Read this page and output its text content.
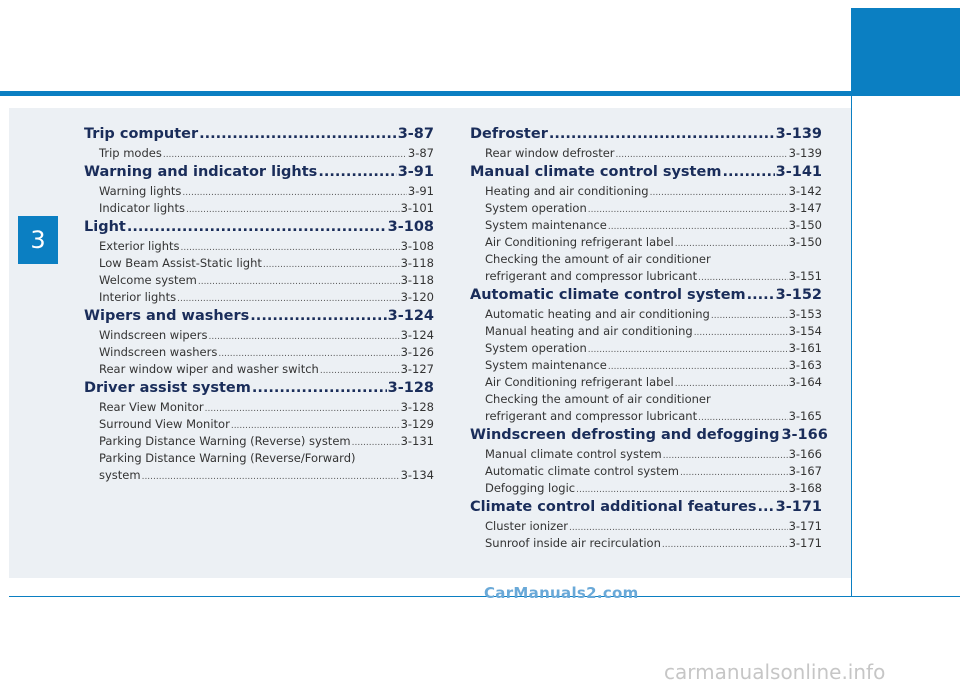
3
Trip computer .....	3-87
Trip modes .....	3-87
Warning and indicator lights .....	3-91
Warning lights .....	3-91
Indicator lights .....	3-101
Light .....	3-108
Exterior lights .....	3-108
Low Beam Assist-Static light .....	3-118
Welcome system .....	3-118
Interior lights .....	3-120
Wipers and washers .....	3-124
Windscreen wipers .....	3-124
Windscreen washers .....	3-126
Rear window wiper and washer switch .....	3-127
Driver assist system .....	3-128
Rear View Monitor .....	3-128
Surround View Monitor .....	3-129
Parking Distance Warning (Reverse) system .....	3-131
Parking Distance Warning (Reverse/Forward)
system .....	3-134
Defroster .....	3-139
Rear window defroster .....	3-139
Manual climate control system .....	3-141
Heating and air conditioning .....	3-142
System operation .....	3-147
System maintenance .....	3-150
Air Conditioning refrigerant label .....	3-150
Checking the amount of air conditioner
refrigerant and compressor lubricant .....	3-151
Automatic climate control system ..... 3-152
Automatic heating and air conditioning .....	3-153
Manual heating and air conditioning .....	3-154
System operation .....	3-161
System maintenance .....	3-163
Air Conditioning refrigerant label .....	3-164
Checking the amount of air conditioner
refrigerant and compressor lubricant .....	3-165
Windscreen defrosting and defogging 3-166
Manual climate control system .....	3-166
Automatic climate control system .....	3-167
Defogging logic .....	3-168
Climate control additional features ..... 3-171
Cluster ionizer .....	3-171
Sunroof inside air recirculation .....	3-171
CarManuals2.com
carmanualsonline.info
